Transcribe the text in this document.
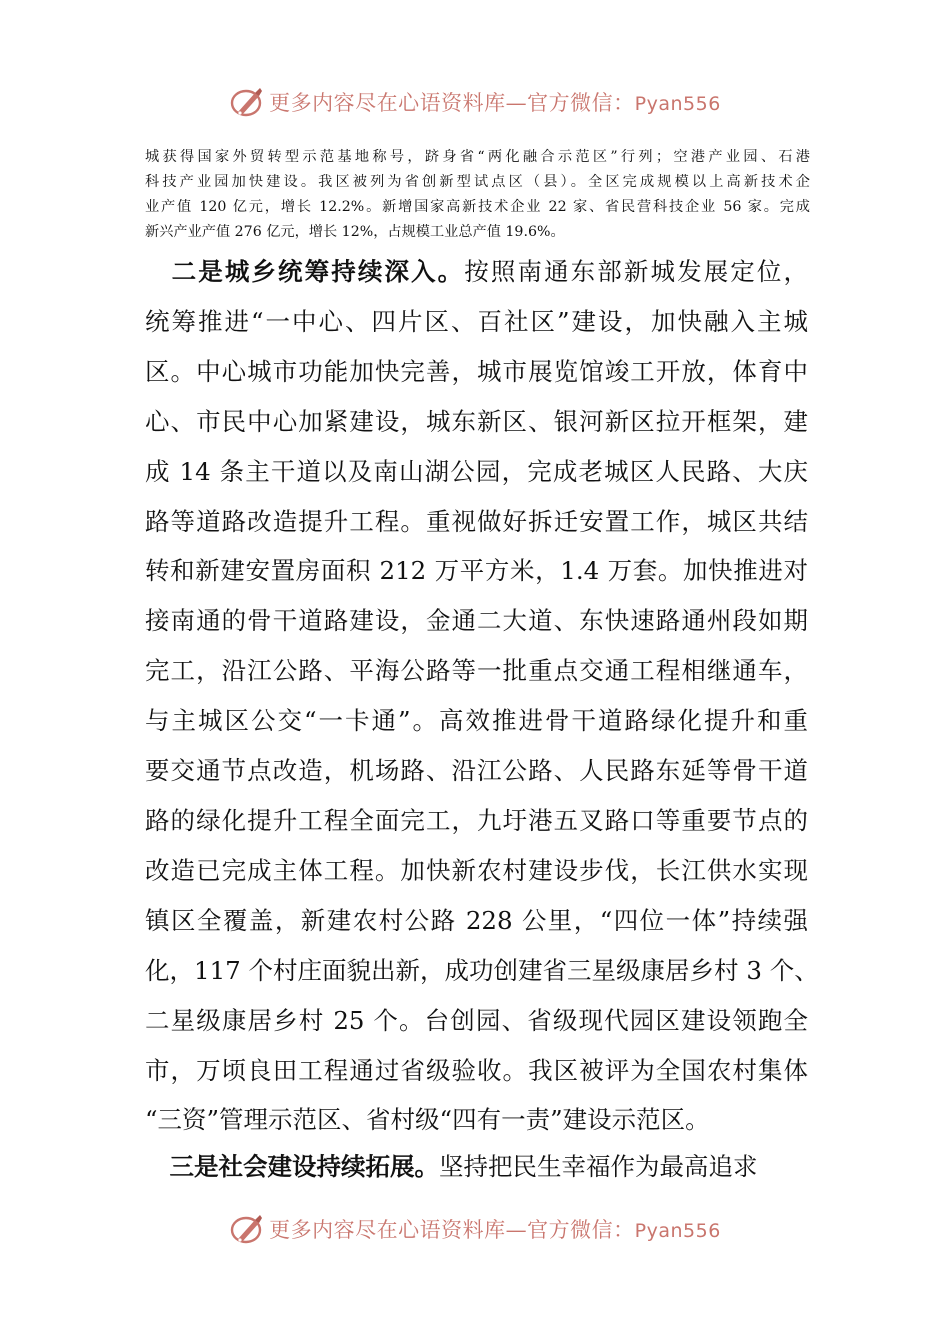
更多内容尽在心语资料库—官方微信：Pyan556
城获得国家外贸转型示范基地称号，跻身省“两化融合示范区”行列；空港产业园、石港
科技产业园加快建设。我区被列为省创新型试点区（县）。全区完成规模以上高新技术企
业产值 120 亿元，增长 12.2%。新增国家高新技术企业 22 家、省民营科技企业 56 家。完成
新兴产业产值 276 亿元，增长 12%，占规模工业总产值 19.6%。
　二是城乡统筹持续深入。按照南通东部新城发展定位，
统筹推进“一中心、四片区、百社区”建设，加快融入主城
区。中心城市功能加快完善，城市展览馆竣工开放，体育中
心、市民中心加紧建设，城东新区、银河新区拉开框架，建
成 14 条主干道以及南山湖公园，完成老城区人民路、大庆
路等道路改造提升工程。重视做好拆迁安置工作，城区共结
转和新建安置房面积 212 万平方米，1.4 万套。加快推进对
接南通的骨干道路建设，金通二大道、东快速路通州段如期
完工，沿江公路、平海公路等一批重点交通工程相继通车，
与主城区公交“一卡通”。高效推进骨干道路绿化提升和重
要交通节点改造，机场路、沿江公路、人民路东延等骨干道
路的绿化提升工程全面完工，九圩港五叉路口等重要节点的
改造已完成主体工程。加快新农村建设步伐，长江供水实现
镇区全覆盖，新建农村公路 228 公里，“四位一体”持续强
化，117 个村庄面貌出新，成功创建省三星级康居乡村 3 个、
二星级康居乡村 25 个。台创园、省级现代园区建设领跑全
市，万顷良田工程通过省级验收。我区被评为全国农村集体
“三资”管理示范区、省村级“四有一责”建设示范区。
　三是社会建设持续拓展。坚持把民生幸福作为最高追求
更多内容尽在心语资料库—官方微信：Pyan556
